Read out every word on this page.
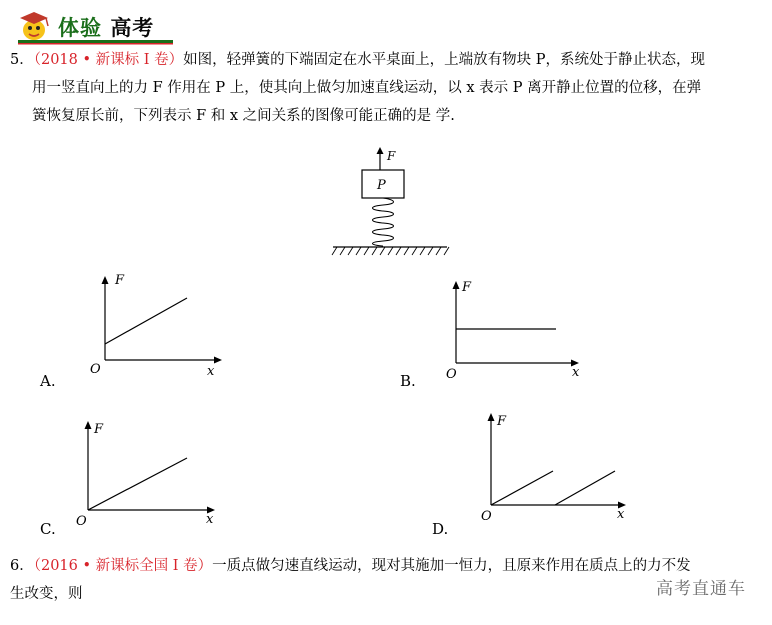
体验 高考
5．（2018 • 新课标 I 卷）如图，轻弹簧的下端固定在水平桌面上，上端放有物块 P，系统处于静止状态，现
用一竖直向上的力 F 作用在 P 上，使其向上做匀加速直线运动，以 x 表示 P 离开静止位置的位移，在弹
簧恢复原长前，下列表示 F 和 x 之间关系的图像可能正确的是 学.
F
P
F
x
O
A.
F
x
O
B.
F
x
O
C.
F
x
O
D.
6．（2016 • 新课标全国 I 卷）一质点做匀速直线运动，现对其施加一恒力，且原来作用在质点上的力不发
生改变，则	高考直通车
